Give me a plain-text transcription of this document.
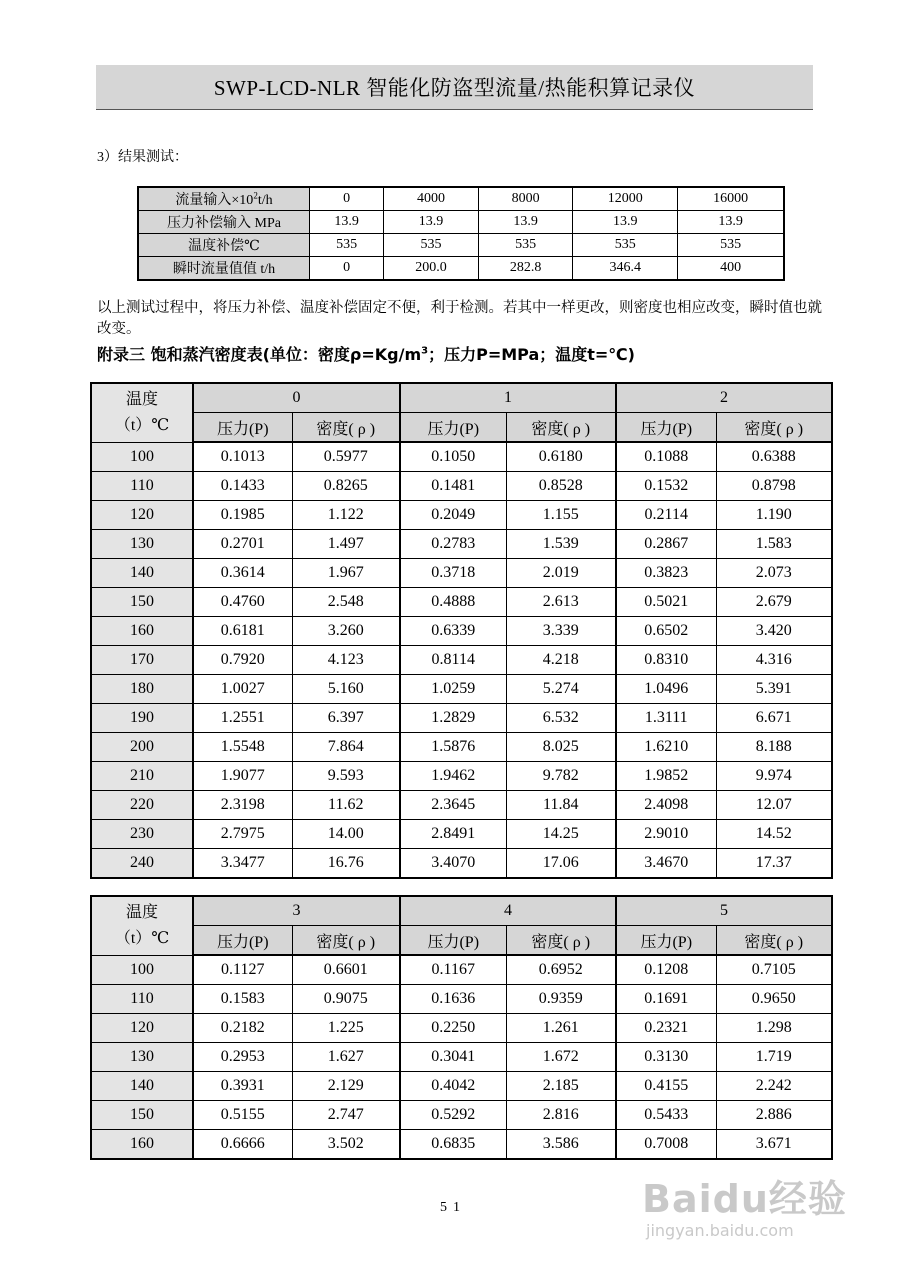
SWP-LCD-NLR 智能化防盗型流量/热能积算记录仪
3）结果测试：
流量输入$\times 10^2t/h$	0	4000	8000	12000	16000
压力补偿输入 MPa	13.9	13.9	13.9	13.9	13.9
温度补偿℃	535	535	535	535	535
瞬时流量值值 t/h	0	200.0	282.8	346.4	400
以上测试过程中，将压力补偿、温度补偿固定不便，利于检测。若其中一样更改，则密度也相应改变，瞬时值也就改变。
附录三 饱和蒸汽密度表(单位：密度$\rho=Kg/m^3$；压力P=MPa；温度t=℃)
温度
（t）℃	0		1		2	
	压力(P)	密度( ρ )	压力(P)	密度( ρ )	压力(P)	密度( ρ )
100	0.1013	0.5977	0.1050	0.6180	0.1088	0.6388
110	0.1433	0.8265	0.1481	0.8528	0.1532	0.8798
120	0.1985	1.122	0.2049	1.155	0.2114	1.190
130	0.2701	1.497	0.2783	1.539	0.2867	1.583
140	0.3614	1.967	0.3718	2.019	0.3823	2.073
150	0.4760	2.548	0.4888	2.613	0.5021	2.679
160	0.6181	3.260	0.6339	3.339	0.6502	3.420
170	0.7920	4.123	0.8114	4.218	0.8310	4.316
180	1.0027	5.160	1.0259	5.274	1.0496	5.391
190	1.2551	6.397	1.2829	6.532	1.3111	6.671
200	1.5548	7.864	1.5876	8.025	1.6210	8.188
210	1.9077	9.593	1.9462	9.782	1.9852	9.974
220	2.3198	11.62	2.3645	11.84	2.4098	12.07
230	2.7975	14.00	2.8491	14.25	2.9010	14.52
240	3.3477	16.76	3.4070	17.06	3.4670	17.37
温度
（t）℃	3		4		5	
	压力(P)	密度( ρ )	压力(P)	密度( ρ )	压力(P)	密度( ρ )
100	0.1127	0.6601	0.1167	0.6952	0.1208	0.7105
110	0.1583	0.9075	0.1636	0.9359	0.1691	0.9650
120	0.2182	1.225	0.2250	1.261	0.2321	1.298
130	0.2953	1.627	0.3041	1.672	0.3130	1.719
140	0.3931	2.129	0.4042	2.185	0.4155	2.242
150	0.5155	2.747	0.5292	2.816	0.5433	2.886
160	0.6666	3.502	0.6835	3.586	0.7008	3.671
51	Baidu经验
jingyan.baidu.com
